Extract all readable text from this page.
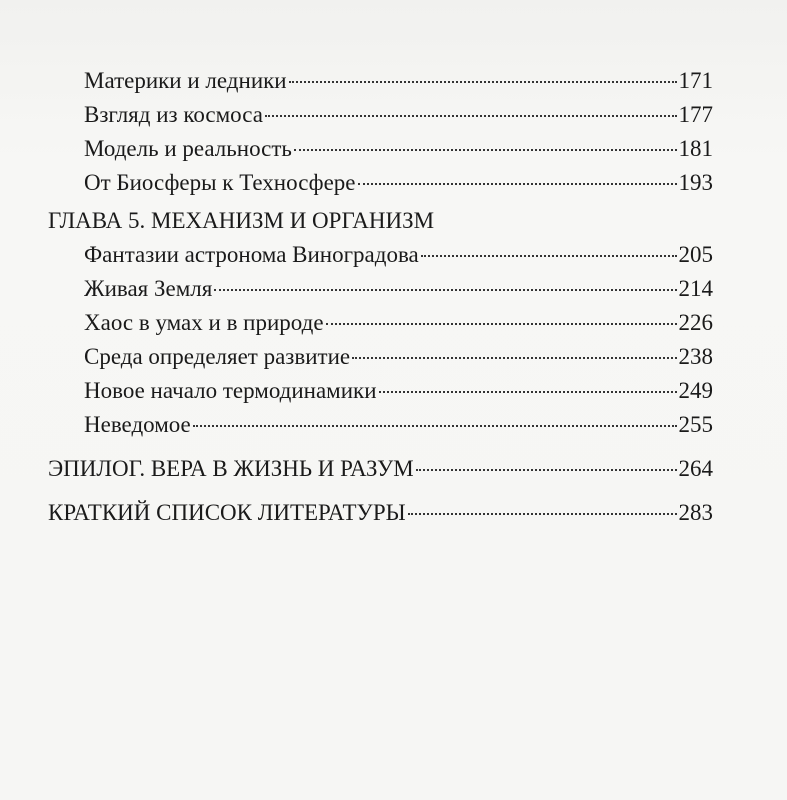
Материки и ледники	171
Взгляд из космоса	177
Модель и реальность	181
От Биосферы к Техносфере	193
ГЛАВА 5. МЕХАНИЗМ И ОРГАНИЗМ
Фантазии астронома Виноградова	205
Живая Земля	214
Хаос в умах и в природе	226
Среда определяет развитие	238
Новое начало термодинамики	249
Неведомое	255
ЭПИЛОГ. ВЕРА В ЖИЗНЬ И РАЗУМ	264
КРАТКИЙ СПИСОК ЛИТЕРАТУРЫ	283
